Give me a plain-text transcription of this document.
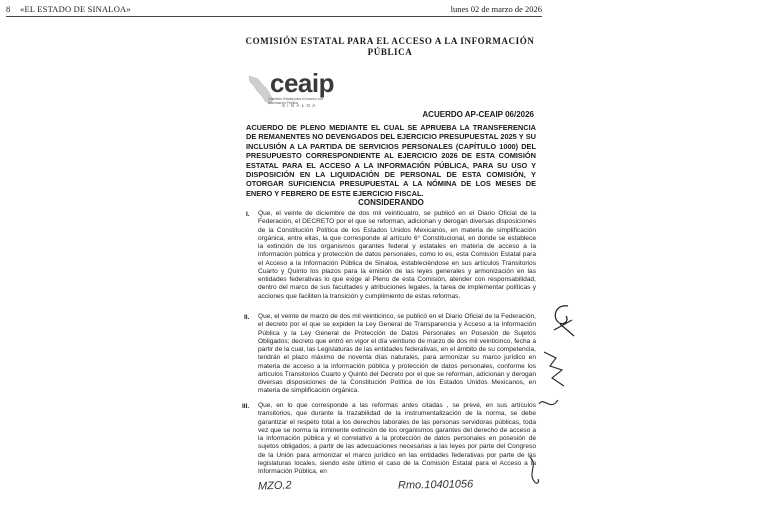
8 «EL ESTADO DE SINALOA»	lunes 02 de marzo de 2026
COMISIÓN ESTATAL PARA EL ACCESO A LA INFORMACIÓN PÚBLICA
ceaip
Comisión Estatal para el Acceso a la Información Pública
SINALOA
ACUERDO AP-CEAIP 06/2026
ACUERDO DE PLENO MEDIANTE EL CUAL SE APRUEBA LA TRANSFERENCIA DE REMANENTES NO DEVENGADOS DEL EJERCICIO PRESUPUESTAL 2025 Y SU INCLUSIÓN A LA PARTIDA DE SERVICIOS PERSONALES (CAPÍTULO 1000) DEL PRESUPUESTO CORRESPONDIENTE AL EJERCICIO 2026 DE ESTA COMISIÓN ESTATAL PARA EL ACCESO A LA INFORMACIÓN PÚBLICA, PARA SU USO Y DISPOSICIÓN EN LA LIQUIDACIÓN DE PERSONAL DE ESTA COMISIÓN, Y OTORGAR SUFICIENCIA PRESUPUESTAL A LA NÓMINA DE LOS MESES DE ENERO Y FEBRERO DE ESTE EJERCICIO FISCAL.
CONSIDERANDO
I. Que, el veinte de diciembre de dos mil veinticuatro, se publicó en el Diario Oficial de la Federación, el DECRETO por el que se reforman, adicionan y derogan diversas disposiciones de la Constitución Política de los Estados Unidos Mexicanos, en materia de simplificación orgánica, entre ellas, la que corresponde al artículo 6° Constitucional, en donde se establece la extinción de los organismos garantes federal y estatales en materia de acceso a la información pública y protección de datos personales, como lo es, esta Comisión Estatal para el Acceso a la Información Pública de Sinaloa, estableciéndose en sus artículos Transitorios Cuarto y Quinto los plazos para la emisión de las leyes generales y armonización en las entidades federativas lo que exige al Pleno de esta Comisión, atender con responsabilidad, dentro del marco de sus facultades y atribuciones legales, la tarea de implementar políticas y acciones que faciliten la transición y cumplimiento de estas reformas.
II. Que, el veinte de marzo de dos mil veinticinco, se publicó en el Diario Oficial de la Federación, el decreto por el que se expiden la Ley General de Transparencia y Acceso a la Información Pública y la Ley General de Protección de Datos Personales en Posesión de Sujetos Obligados; decreto que entró en vigor el día veintiuno de marzo de dos mil veinticinco, fecha a partir de la cual, las Legislaturas de las entidades federativas, en el ámbito de su competencia, tendrán el plazo máximo de noventa días naturales, para armonizar su marco jurídico en materia de acceso a la información pública y protección de datos personales, conforme los artículos Transitorios Cuarto y Quinto del Decreto por el que se reforman, adicionan y derogan diversas disposiciones de la Constitución Política de los Estados Unidos Mexicanos, en materia de simplificación orgánica.
III. Que, en lo que corresponde a las reformas antes citadas , se prevé, en sus artículos transitorios, que durante la trazabilidad de la instrumentalización de la norma, se debe garantizar el respeto total a los derechos laborales de las personas servidoras públicas, toda vez que se norma la inminente extinción de los organismos garantes del derecho de acceso a la información pública y el correlativo a la protección de datos personales en posesión de sujetos obligados, a partir de las adecuaciones necesarias a las leyes por parte del Congreso de la Unión para armonizar el marco jurídico en las entidades federativas por parte de las legislaturas locales, siendo este último el caso de la Comisión Estatal para el Acceso a la Información Pública, en
MZO.2	Rmo.10401056
